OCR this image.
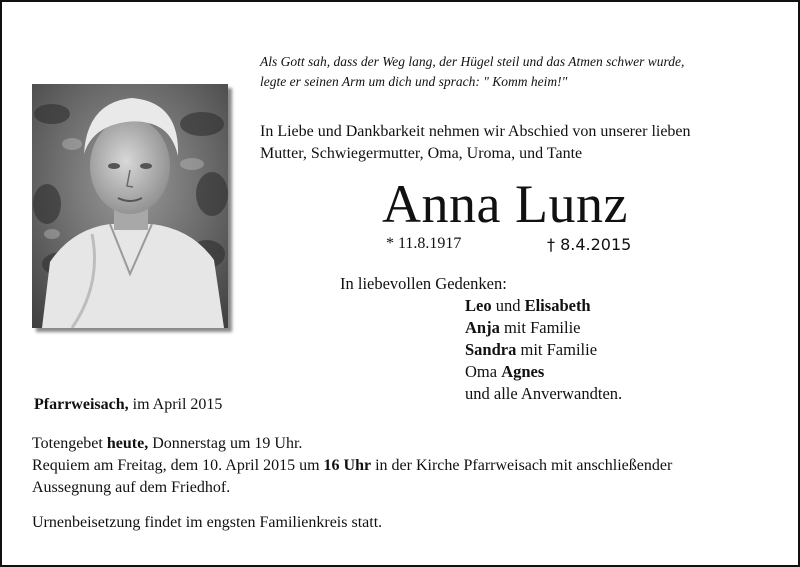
Als Gott sah, dass der Weg lang, der Hügel steil und das Atmen schwer wurde,
legte er seinen Arm um dich und sprach: " Komm heim!"
In Liebe und Dankbarkeit nehmen wir Abschied von unserer lieben
Mutter, Schwiegermutter, Oma, Uroma, und Tante
Anna Lunz
* 11.8.1917	† 8.4.2015
In liebevollen Gedenken:
Leo und Elisabeth
Anja mit Familie
Sandra mit Familie
Oma Agnes
und alle Anverwandten.
Pfarrweisach, im April 2015
Totengebet heute, Donnerstag um 19 Uhr.
Requiem am Freitag, dem 10. April 2015 um 16 Uhr in der Kirche Pfarrweisach mit anschließender
Aussegnung auf dem Friedhof.
Urnenbeisetzung findet im engsten Familienkreis statt.
